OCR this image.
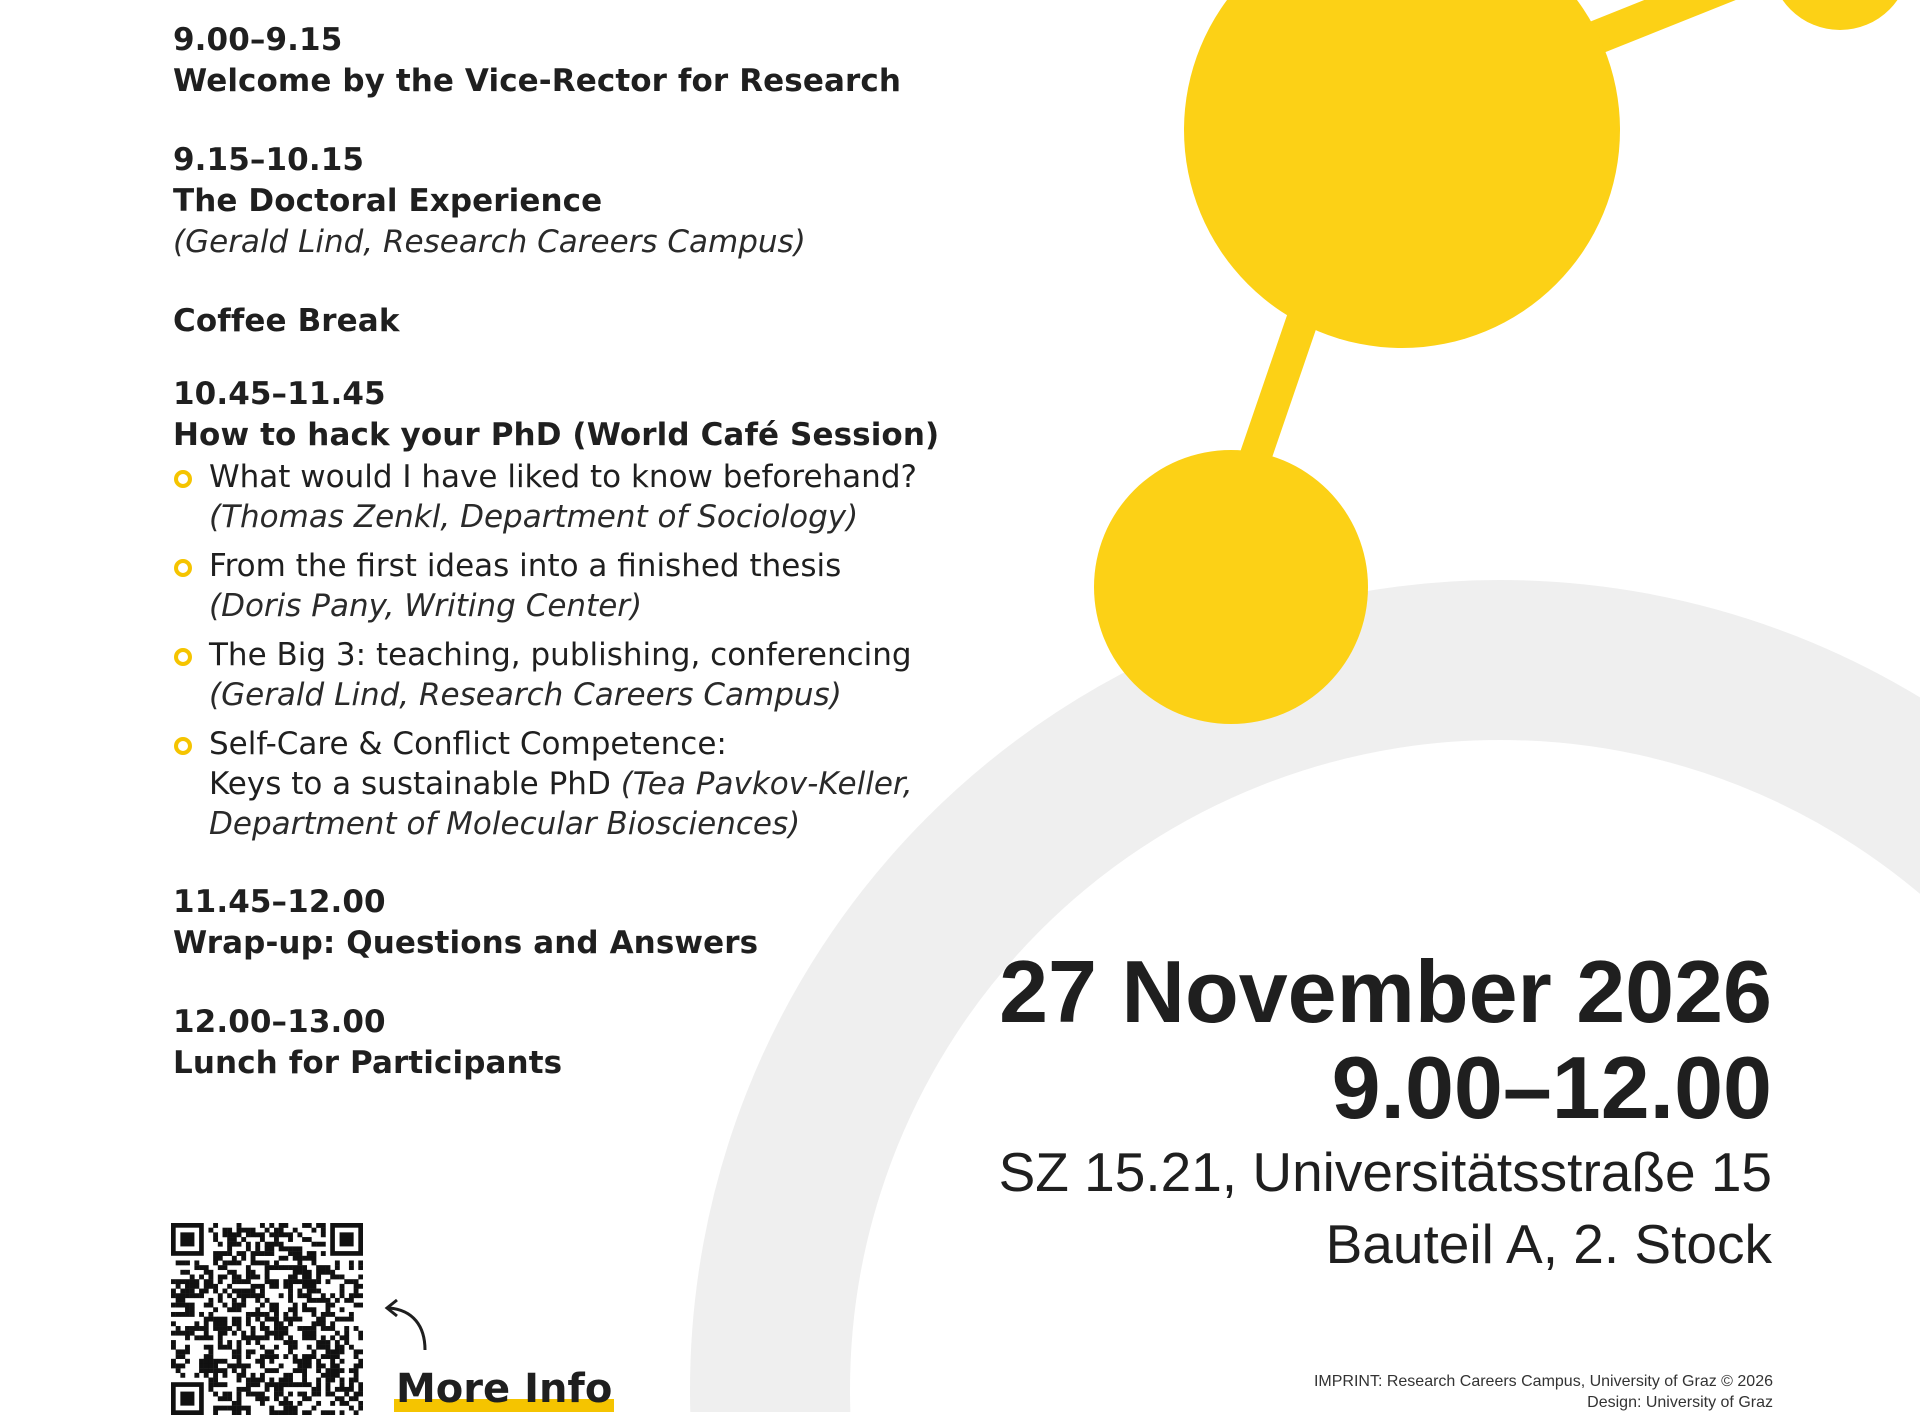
9.00–9.15
Welcome by the Vice-Rector for Research
9.15–10.15
The Doctoral Experience
(Gerald Lind, Research Careers Campus)
Coffee Break
10.45–11.45
How to hack your PhD (World Café Session)
What would I have liked to know beforehand?
(Thomas Zenkl, Department of Sociology)
From the first ideas into a finished thesis
(Doris Pany, Writing Center)
The Big 3: teaching, publishing, conferencing
(Gerald Lind, Research Careers Campus)
Self-Care & Conflict Competence:
Keys to a sustainable PhD (Tea Pavkov-Keller,
Department of Molecular Biosciences)
11.45–12.00
Wrap-up: Questions and Answers
12.00–13.00
Lunch for Participants
27 November 2026
9.00–12.00
SZ 15.21, Universitätsstraße 15
Bauteil A, 2. Stock
More Info	IMPRINT: Research Careers Campus, University of Graz © 2026
Design: University of Graz
